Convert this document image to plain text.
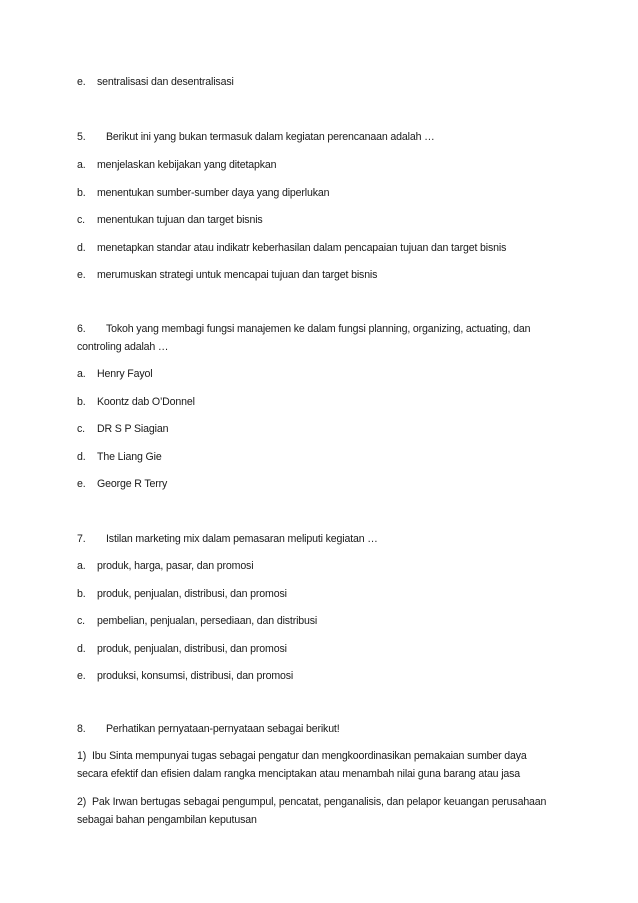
e. sentralisasi dan desentralisasi
5. Berikut ini yang bukan termasuk dalam kegiatan perencanaan adalah …
a. menjelaskan kebijakan yang ditetapkan
b. menentukan sumber-sumber daya yang diperlukan
c. menentukan tujuan dan target bisnis
d. menetapkan standar atau indikatr keberhasilan dalam pencapaian tujuan dan target bisnis
e. merumuskan strategi untuk mencapai tujuan dan target bisnis
6. Tokoh yang membagi fungsi manajemen ke dalam fungsi planning, organizing, actuating, dan controling adalah …
a. Henry Fayol
b. Koontz dab O’Donnel
c. DR S P Siagian
d. The Liang Gie
e. George R Terry
7. Istilan marketing mix dalam pemasaran meliputi kegiatan …
a. produk, harga, pasar, dan promosi
b. produk, penjualan, distribusi, dan promosi
c. pembelian, penjualan, persediaan, dan distribusi
d. produk, penjualan, distribusi, dan promosi
e. produksi, konsumsi, distribusi, dan promosi
8. Perhatikan pernyataan-pernyataan sebagai berikut!
1) Ibu Sinta mempunyai tugas sebagai pengatur dan mengkoordinasikan pemakaian sumber daya secara efektif dan efisien dalam rangka menciptakan atau menambah nilai guna barang atau jasa
2) Pak Irwan bertugas sebagai pengumpul, pencatat, penganalisis, dan pelapor keuangan perusahaan sebagai bahan pengambilan keputusan
